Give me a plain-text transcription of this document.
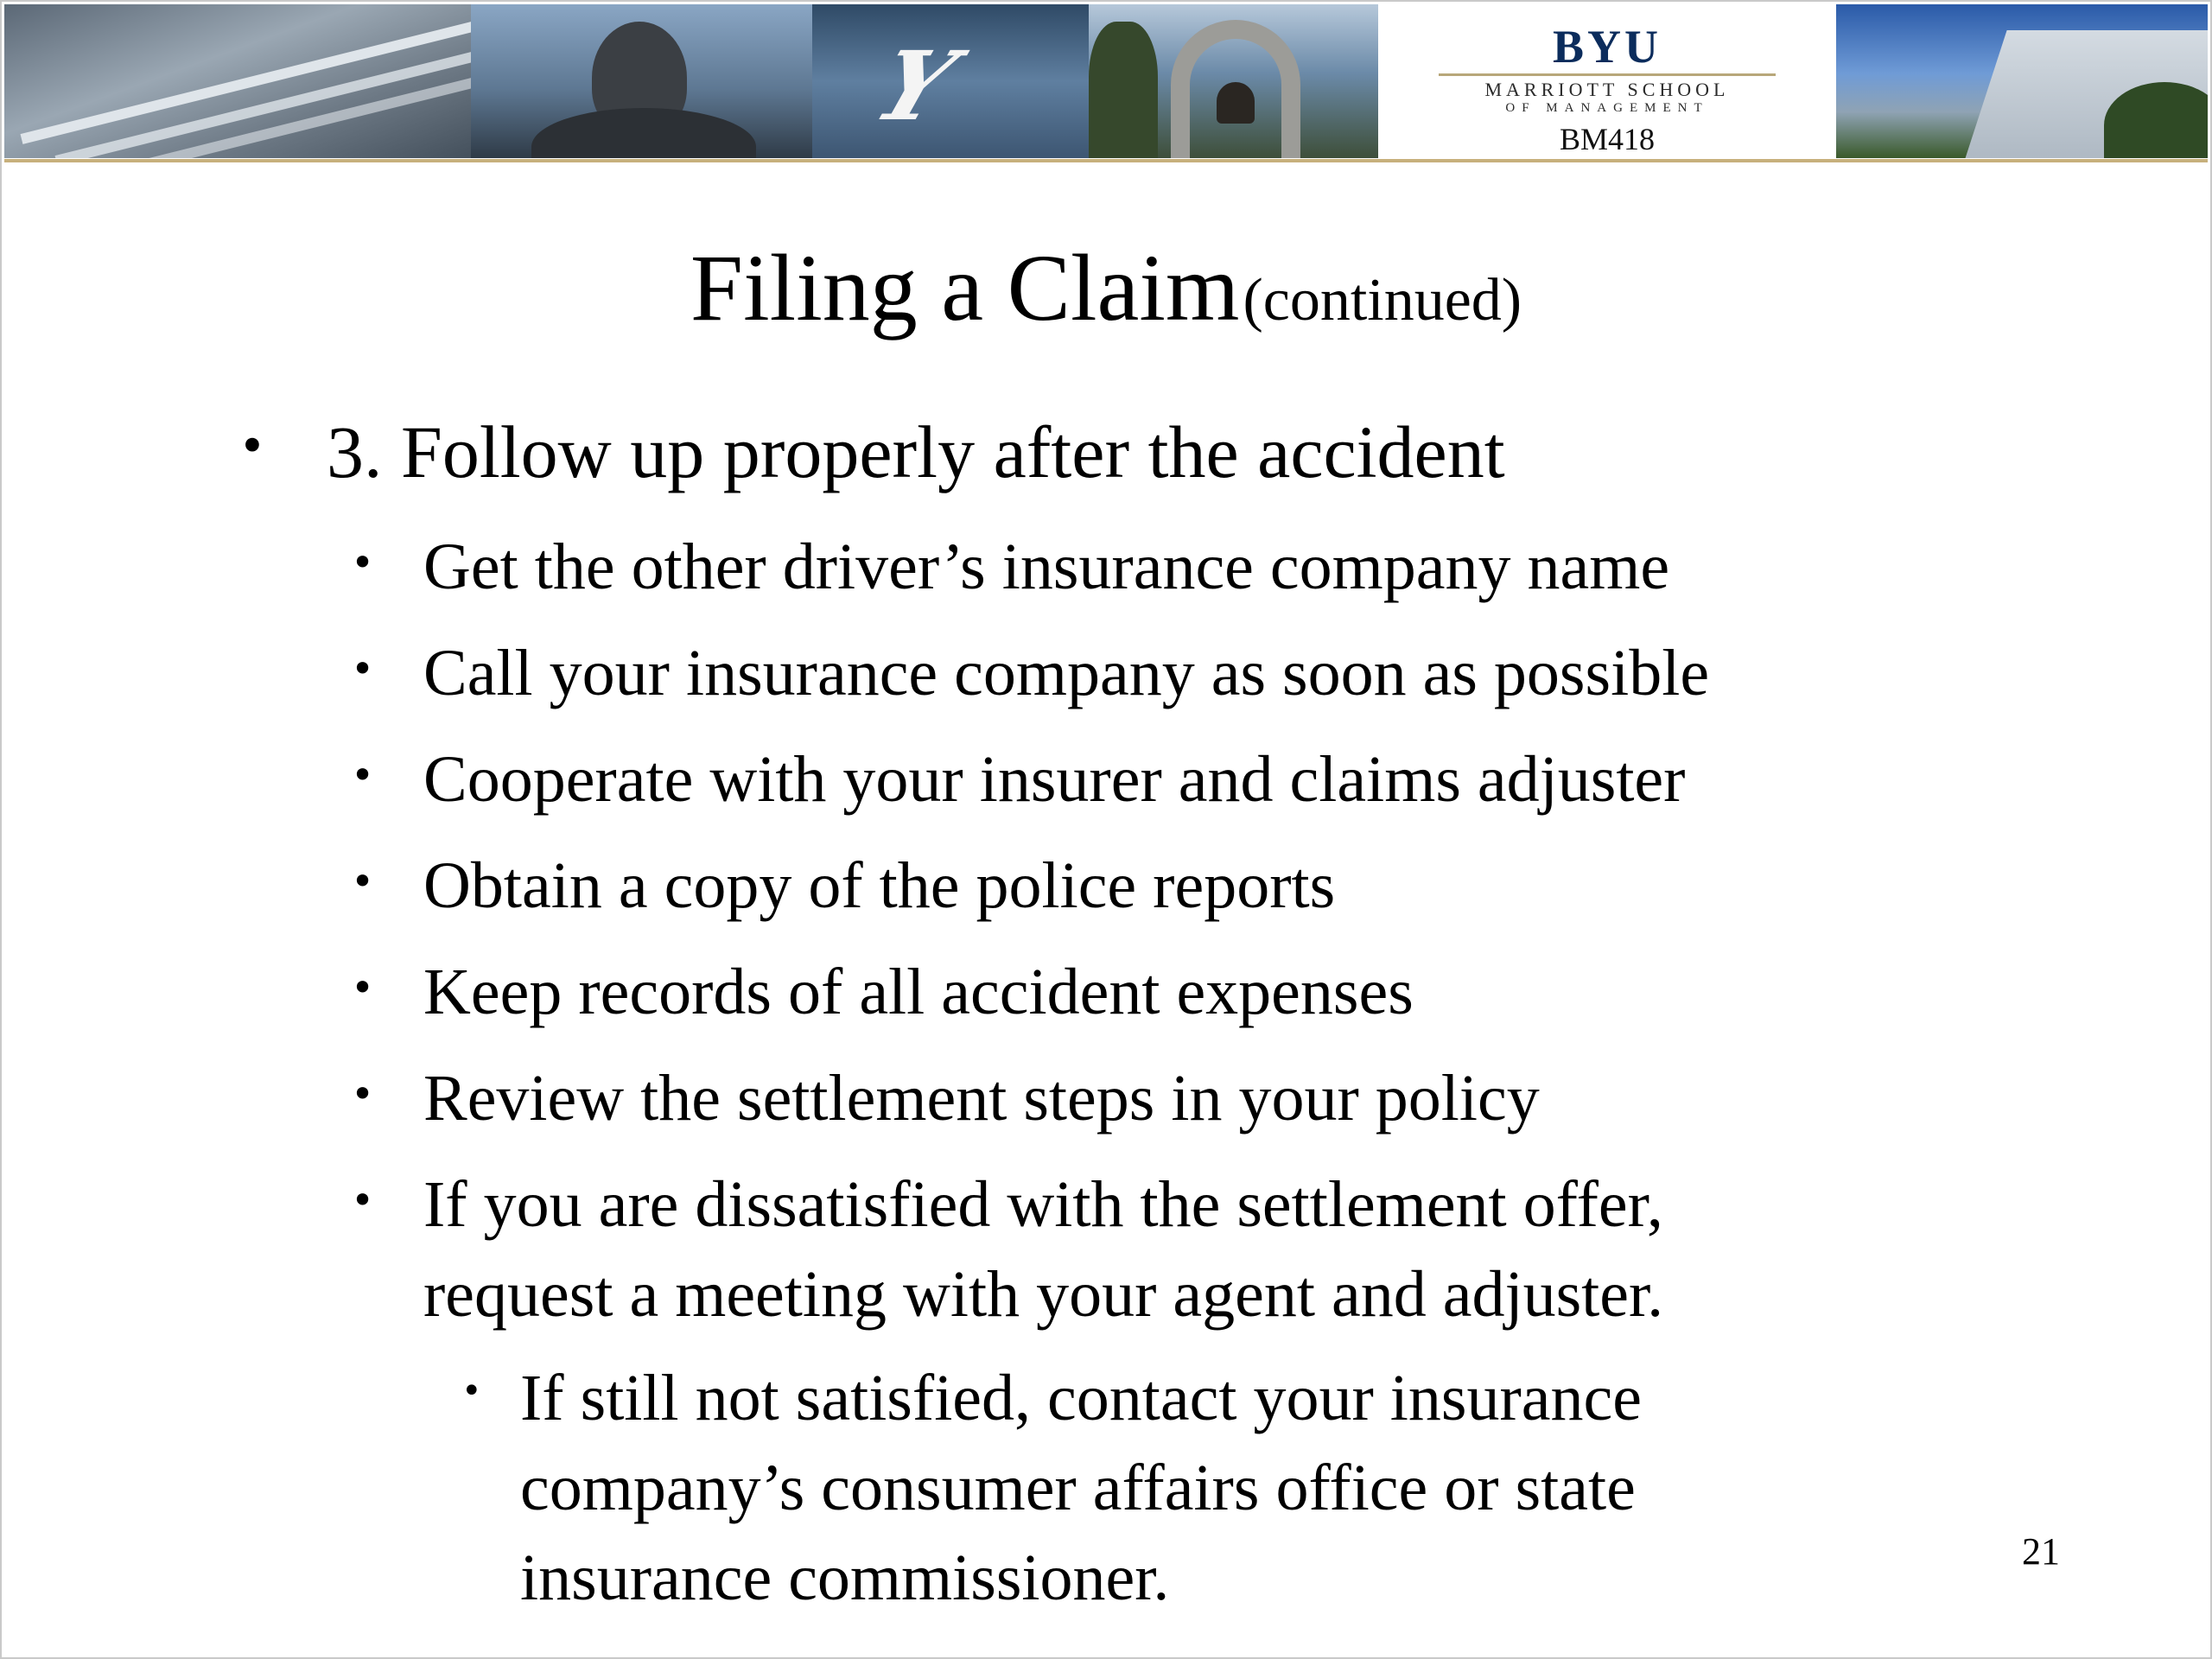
Y	BYU
MARRIOTT SCHOOL
OF MANAGEMENT
BM418
Filing a Claim (continued)
• 3. Follow up properly after the accident
• Get the other driver’s insurance company name
• Call your insurance company as soon as possible
• Cooperate with your insurer and claims adjuster
• Obtain a copy of the police reports
• Keep records of all accident expenses
• Review the settlement steps in your policy
• If you are dissatisfied with the settlement offer,
request a meeting with your agent and adjuster.
• If still not satisfied, contact your insurance
company’s consumer affairs office or state
insurance commissioner.	21
